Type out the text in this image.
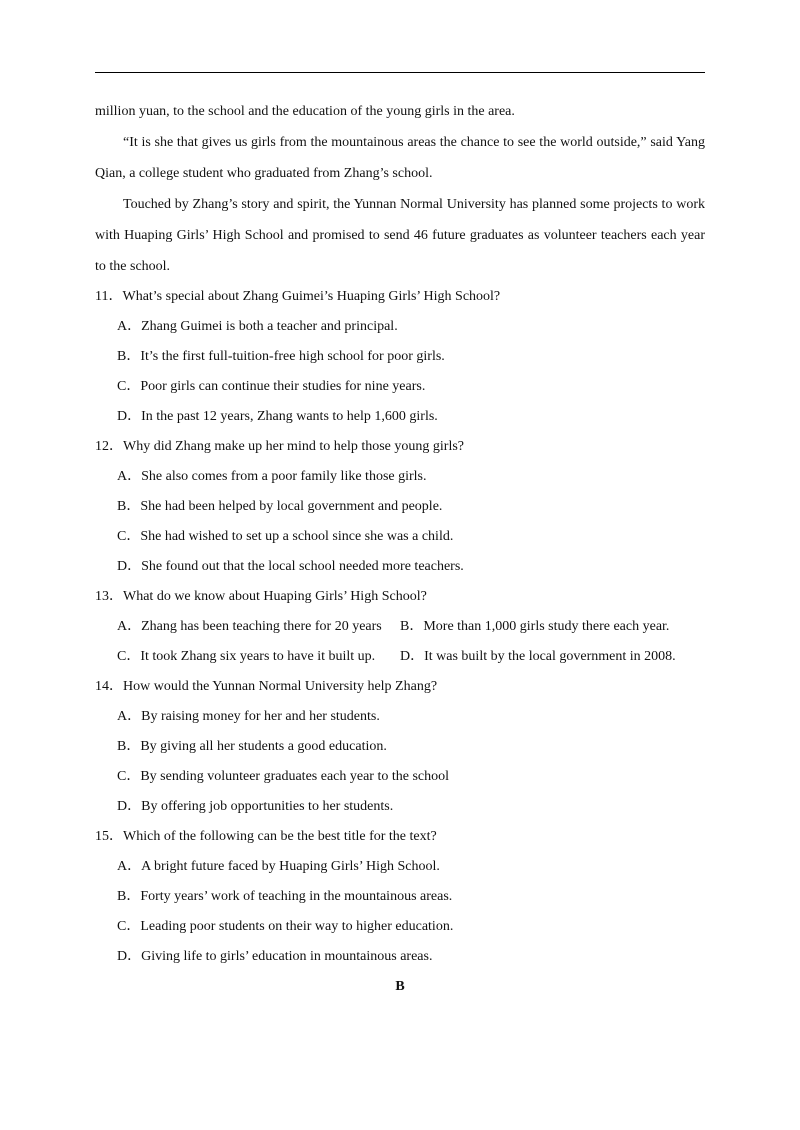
million yuan, to the school and the education of the young girls in the area.

“It is she that gives us girls from the mountainous areas the chance to see the world outside,” said Yang Qian, a college student who graduated from Zhang’s school.

Touched by Zhang’s story and spirit, the Yunnan Normal University has planned some projects to work with Huaping Girls’ High School and promised to send 46 future graduates as volunteer teachers each year to the school.

11．What’s special about Zhang Guimei’s Huaping Girls’ High School?

A．Zhang Guimei is both a teacher and principal.

B．It’s the first full-tuition-free high school for poor girls.

C．Poor girls can continue their studies for nine years.

D．In the past 12 years, Zhang wants to help 1,600 girls.

12．Why did Zhang make up her mind to help those young girls?

A．She also comes from a poor family like those girls.

B．She had been helped by local government and people.

C．She had wished to set up a school since she was a child.

D．She found out that the local school needed more teachers.

13．What do we know about Huaping Girls’ High School?

A．Zhang has been teaching there for 20 years	B．More than 1,000 girls study there each year.
C．It took Zhang six years to have it built up.	D．It was built by the local government in 2008.

14．How would the Yunnan Normal University help Zhang?

A．By raising money for her and her students.

B．By giving all her students a good education.

C．By sending volunteer graduates each year to the school

D．By offering job opportunities to her students.

15．Which of the following can be the best title for the text?

A．A bright future faced by Huaping Girls’ High School.

B．Forty years’ work of teaching in the mountainous areas.

C．Leading poor students on their way to higher education.

D．Giving life to girls’ education in mountainous areas.

B
